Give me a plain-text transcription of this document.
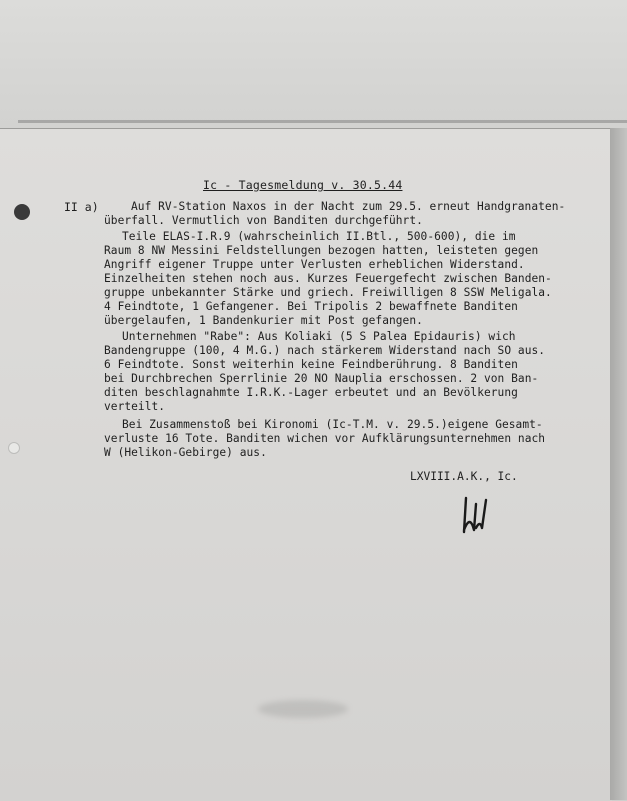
Ic - Tagesmeldung v. 30.5.44
II a)	Auf RV-Station Naxos in der Nacht zum 29.5. erneut Handgranaten-
überfall. Vermutlich von Banditen durchgeführt.
Teile ELAS-I.R.9 (wahrscheinlich II.Btl., 500-600), die im
Raum 8 NW Messini Feldstellungen bezogen hatten, leisteten gegen
Angriff eigener Truppe unter Verlusten erheblichen Widerstand.
Einzelheiten stehen noch aus. Kurzes Feuergefecht zwischen Banden-
gruppe unbekannter Stärke und griech. Freiwilligen 8 SSW Meligala.
4 Feindtote, 1 Gefangener. Bei Tripolis 2 bewaffnete Banditen
übergelaufen, 1 Bandenkurier mit Post gefangen.
Unternehmen "Rabe": Aus Koliaki (5 S Palea Epidauris) wich
Bandengruppe (100, 4 M.G.) nach stärkerem Widerstand nach SO aus.
6 Feindtote. Sonst weiterhin keine Feindberührung. 8 Banditen
bei Durchbrechen Sperrlinie 20 NO Nauplia erschossen. 2 von Ban-
diten beschlagnahmte I.R.K.-Lager erbeutet und an Bevölkerung
verteilt.
Bei Zusammenstoß bei Kironomi (Ic-T.M. v. 29.5.)eigene Gesamt-
verluste 16 Tote. Banditen wichen vor Aufklärungsunternehmen nach
W (Helikon-Gebirge) aus.
LXVIII.A.K., Ic.
